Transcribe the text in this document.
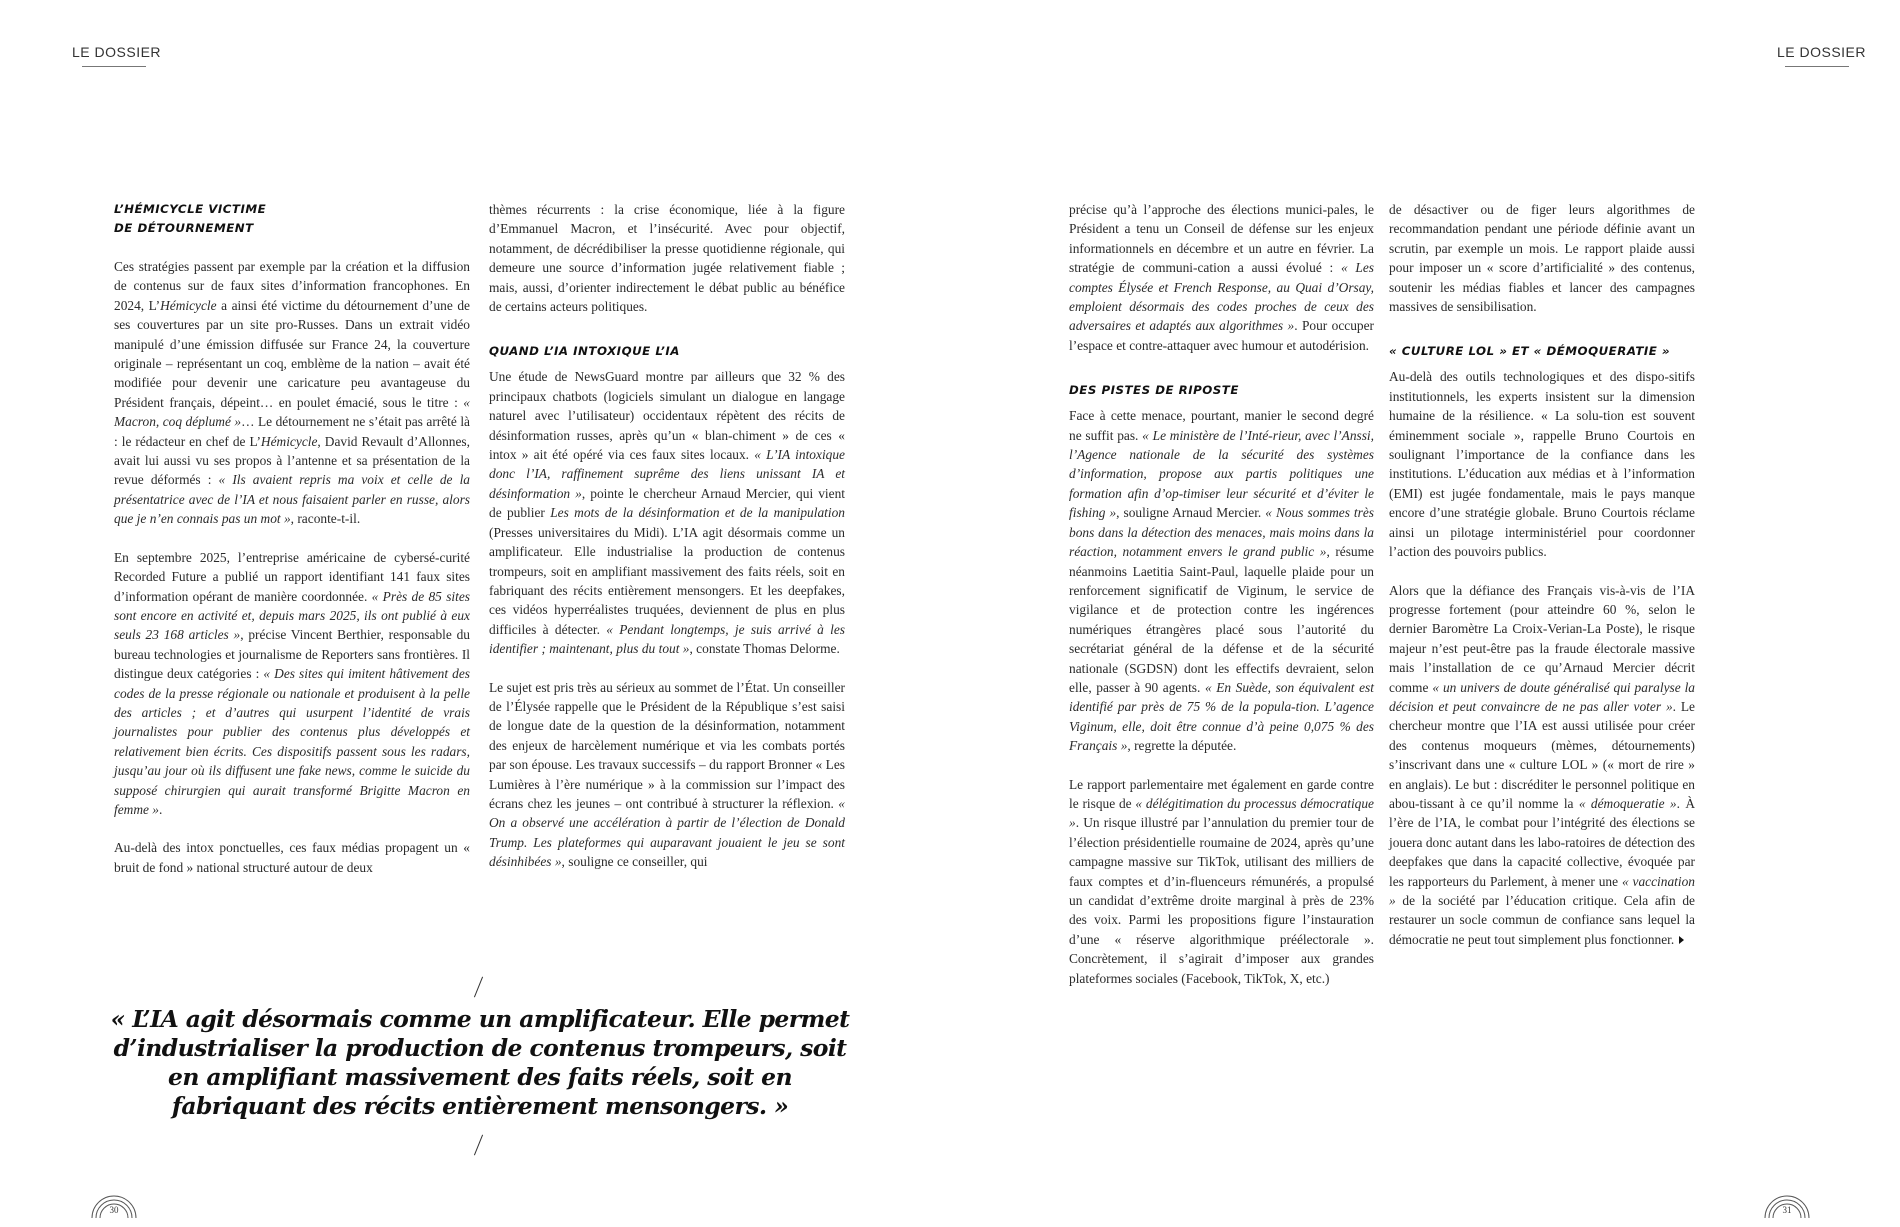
LE DOSSIER	LE DOSSIER
L’HÉMICYCLE VICTIME
DE DÉTOURNEMENT

Ces stratégies passent par exemple par la création et la diffusion de contenus sur de faux sites d’information francophones. En 2024, L’Hémicycle a ainsi été victime du détournement d’une de ses couvertures par un site pro-Russes. Dans un extrait vidéo manipulé d’une émission diffusée sur France 24, la couverture originale – représentant un coq, emblème de la nation – avait été modifiée pour devenir une caricature peu avantageuse du Président français, dépeint… en poulet émacié, sous le titre : « Macron, coq déplumé »… Le détournement ne s’était pas arrêté là : le rédacteur en chef de L’Hémicycle, David Revault d’Allonnes, avait lui aussi vu ses propos à l’antenne et sa présentation de la revue déformés : « Ils avaient repris ma voix et celle de la présentatrice avec de l’IA et nous faisaient parler en russe, alors que je n’en connais pas un mot », raconte-t-il.

En septembre 2025, l’entreprise américaine de cybersé-curité Recorded Future a publié un rapport identifiant 141 faux sites d’information opérant de manière coordonnée. « Près de 85 sites sont encore en activité et, depuis mars 2025, ils ont publié à eux seuls 23 168 articles », précise Vincent Berthier, responsable du bureau technologies et journalisme de Reporters sans frontières. Il distingue deux catégories : « Des sites qui imitent hâtivement des codes de la presse régionale ou nationale et produisent à la pelle des articles ; et d’autres qui usurpent l’identité de vrais journalistes pour publier des contenus plus développés et relativement bien écrits. Ces dispositifs passent sous les radars, jusqu’au jour où ils diffusent une fake news, comme le suicide du supposé chirurgien qui aurait transformé Brigitte Macron en femme ».

Au-delà des intox ponctuelles, ces faux médias propagent un « bruit de fond » national structuré autour de deux

thèmes récurrents : la crise économique, liée à la figure d’Emmanuel Macron, et l’insécurité. Avec pour objectif, notamment, de décrédibiliser la presse quotidienne régionale, qui demeure une source d’information jugée relativement fiable ; mais, aussi, d’orienter indirectement le débat public au bénéfice de certains acteurs politiques.

QUAND L’IA INTOXIQUE L’IA

Une étude de NewsGuard montre par ailleurs que 32 % des principaux chatbots (logiciels simulant un dialogue en langage naturel avec l’utilisateur) occidentaux répètent des récits de désinformation russes, après qu’un « blan-chiment » de ces « intox » ait été opéré via ces faux sites locaux. « L’IA intoxique donc l’IA, raffinement suprême des liens unissant IA et désinformation », pointe le chercheur Arnaud Mercier, qui vient de publier Les mots de la désinformation et de la manipulation (Presses universitaires du Midi). L’IA agit désormais comme un amplificateur. Elle industrialise la production de contenus trompeurs, soit en amplifiant massivement des faits réels, soit en fabriquant des récits entièrement mensongers. Et les deepfakes, ces vidéos hyperréalistes truquées, deviennent de plus en plus difficiles à détecter. « Pendant longtemps, je suis arrivé à les identifier ; maintenant, plus du tout », constate Thomas Delorme.

Le sujet est pris très au sérieux au sommet de l’État. Un conseiller de l’Élysée rappelle que le Président de la République s’est saisi de longue date de la question de la désinformation, notamment des enjeux de harcèlement numérique et via les combats portés par son épouse. Les travaux successifs – du rapport Bronner « Les Lumières à l’ère numérique » à la commission sur l’impact des écrans chez les jeunes – ont contribué à structurer la réflexion. « On a observé une accélération à partir de l’élection de Donald Trump. Les plateformes qui auparavant jouaient le jeu se sont désinhibées », souligne ce conseiller, qui

« L’IA agit désormais comme un amplificateur. Elle permet d’industrialiser la production de contenus trompeurs, soit en amplifiant massivement des faits réels, soit en fabriquant des récits entièrement mensongers. »

précise qu’à l’approche des élections munici-pales, le Président a tenu un Conseil de défense sur les enjeux informationnels en décembre et un autre en février. La stratégie de communi-cation a aussi évolué : « Les comptes Élysée et French Response, au Quai d’Orsay, emploient désormais des codes proches de ceux des adversaires et adaptés aux algorithmes ». Pour occuper l’espace et contre-attaquer avec humour et autodérision.

DES PISTES DE RIPOSTE

Face à cette menace, pourtant, manier le second degré ne suffit pas. « Le ministère de l’Inté-rieur, avec l’Anssi, l’Agence nationale de la sécurité des systèmes d’information, propose aux partis politiques une formation afin d’op-timiser leur sécurité et d’éviter le fishing », souligne Arnaud Mercier. « Nous sommes très bons dans la détection des menaces, mais moins dans la réaction, notamment envers le grand public », résume néanmoins Laetitia Saint-Paul, laquelle plaide pour un renforcement significatif de Viginum, le service de vigilance et de protection contre les ingérences numériques étrangères placé sous l’autorité du secrétariat général de la défense et de la sécurité nationale (SGDSN) dont les effectifs devraient, selon elle, passer à 90 agents. « En Suède, son équivalent est identifié par près de 75 % de la popula-tion. L’agence Viginum, elle, doit être connue d’à peine 0,075 % des Français », regrette la députée.

Le rapport parlementaire met également en garde contre le risque de « délégitimation du processus démocratique ». Un risque illustré par l’annulation du premier tour de l’élection présidentielle roumaine de 2024, après qu’une campagne massive sur TikTok, utilisant des milliers de faux comptes et d’in-fluenceurs rémunérés, a propulsé un candidat d’extrême droite marginal à près de 23% des voix. Parmi les propositions figure l’instauration d’une « réserve algorithmique préélectorale ». Concrètement, il s’agirait d’imposer aux grandes plateformes sociales (Facebook, TikTok, X, etc.)

de désactiver ou de figer leurs algorithmes de recommandation pendant une période définie avant un scrutin, par exemple un mois. Le rapport plaide aussi pour imposer un « score d’artificialité » des contenus, soutenir les médias fiables et lancer des campagnes massives de sensibilisation.

« CULTURE LOL » ET « DÉMOQUERATIE »

Au-delà des outils technologiques et des dispo-sitifs institutionnels, les experts insistent sur la dimension humaine de la résilience. « La solu-tion est souvent éminemment sociale », rappelle Bruno Courtois en soulignant l’importance de la confiance dans les institutions. L’éducation aux médias et à l’information (EMI) est jugée fondamentale, mais le pays manque encore d’une stratégie globale. Bruno Courtois réclame ainsi un pilotage interministériel pour coordonner l’action des pouvoirs publics.

Alors que la défiance des Français vis-à-vis de l’IA progresse fortement (pour atteindre 60 %, selon le dernier Baromètre La Croix-Verian-La Poste), le risque majeur n’est peut-être pas la fraude électorale massive mais l’installation de ce qu’Arnaud Mercier décrit comme « un univers de doute généralisé qui paralyse la décision et peut convaincre de ne pas aller voter ». Le chercheur montre que l’IA est aussi utilisée pour créer des contenus moqueurs (mèmes, détournements) s’inscrivant dans une « culture LOL » (« mort de rire » en anglais). Le but : discréditer le personnel politique en abou-tissant à ce qu’il nomme la « démoqueratie ». À l’ère de l’IA, le combat pour l’intégrité des élections se jouera donc autant dans les labo-ratoires de détection des deepfakes que dans la capacité collective, évoquée par les rapporteurs du Parlement, à mener une « vaccination » de la société par l’éducation critique. Cela afin de restaurer un socle commun de confiance sans lequel la démocratie ne peut tout simplement plus fonctionner.

30	31
